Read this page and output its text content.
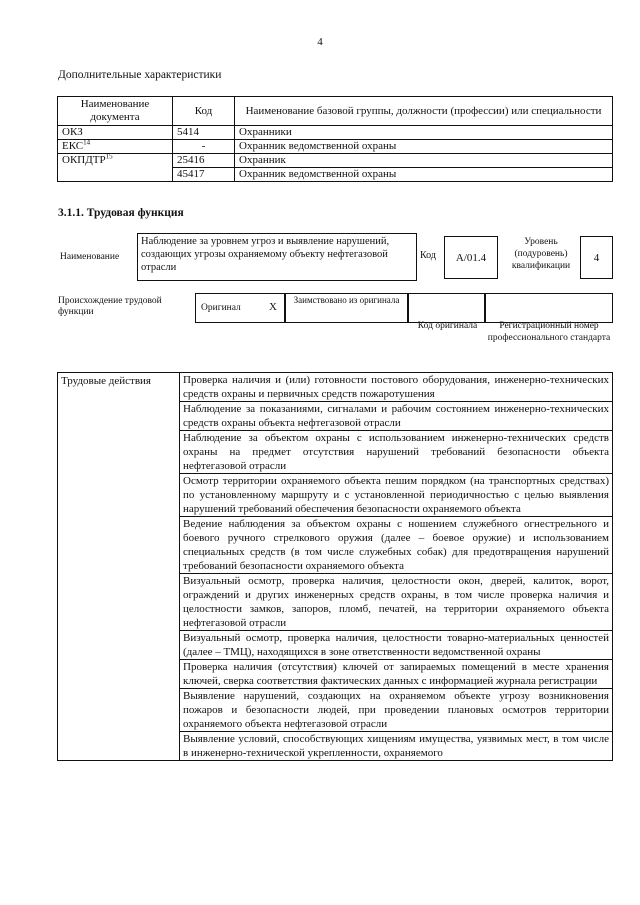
4
Дополнительные характеристики
Наименование документа	Код	Наименование базовой группы, должности (профессии) или специальности
ОКЗ	5414	Охранники
ЕКС$^{14}$	-	Охранник ведомственной охраны
ОКПДТР$^{15}$	25416	Охранник
	45417	Охранник ведомственной охраны
3.1.1. Трудовая функция
Наименование
Наблюдение за уровнем угроз и выявление нарушений, создающих угрозы охраняемому объекту нефтегазовой отрасли
Код	A/01.4
Уровень (подуровень) квалификации
4
Происхождение трудовой функции	Оригинал	X
Заимствовано из оригинала
Код оригинала	Регистрационный номер профессионального стандарта
Трудовые действия	Проверка наличия и (или) готовности постового оборудования, инженерно-технических средств охраны и первичных средств пожаротушения
Наблюдение за показаниями, сигналами и рабочим состоянием инженерно-технических средств охраны объекта нефтегазовой отрасли
Наблюдение за объектом охраны с использованием инженерно-технических средств охраны на предмет отсутствия нарушений требований безопасности объекта нефтегазовой отрасли
Осмотр территории охраняемого объекта пешим порядком (на транспортных средствах) по установленному маршруту и с установленной периодичностью с целью выявления нарушений требований обеспечения безопасности охраняемого объекта
Ведение наблюдения за объектом охраны с ношением служебного огнестрельного и боевого ручного стрелкового оружия (далее – боевое оружие) и использованием специальных средств (в том числе служебных собак) для предотвращения нарушений требований безопасности охраняемого объекта
Визуальный осмотр, проверка наличия, целостности окон, дверей, калиток, ворот, ограждений и других инженерных средств охраны, в том числе проверка наличия и целостности замков, запоров, пломб, печатей, на территории охраняемого объекта нефтегазовой отрасли
Визуальный осмотр, проверка наличия, целостности товарно-материальных ценностей (далее – ТМЦ), находящихся в зоне ответственности ведомственной охраны
Проверка наличия (отсутствия) ключей от запираемых помещений в месте хранения ключей, сверка соответствия фактических данных с информацией журнала регистрации
Выявление нарушений, создающих на охраняемом объекте угрозу возникновения пожаров и безопасности людей, при проведении плановых осмотров территории охраняемого объекта нефтегазовой отрасли
Выявление условий, способствующих хищениям имущества, уязвимых мест, в том числе в инженерно-технической укрепленности, охраняемого
